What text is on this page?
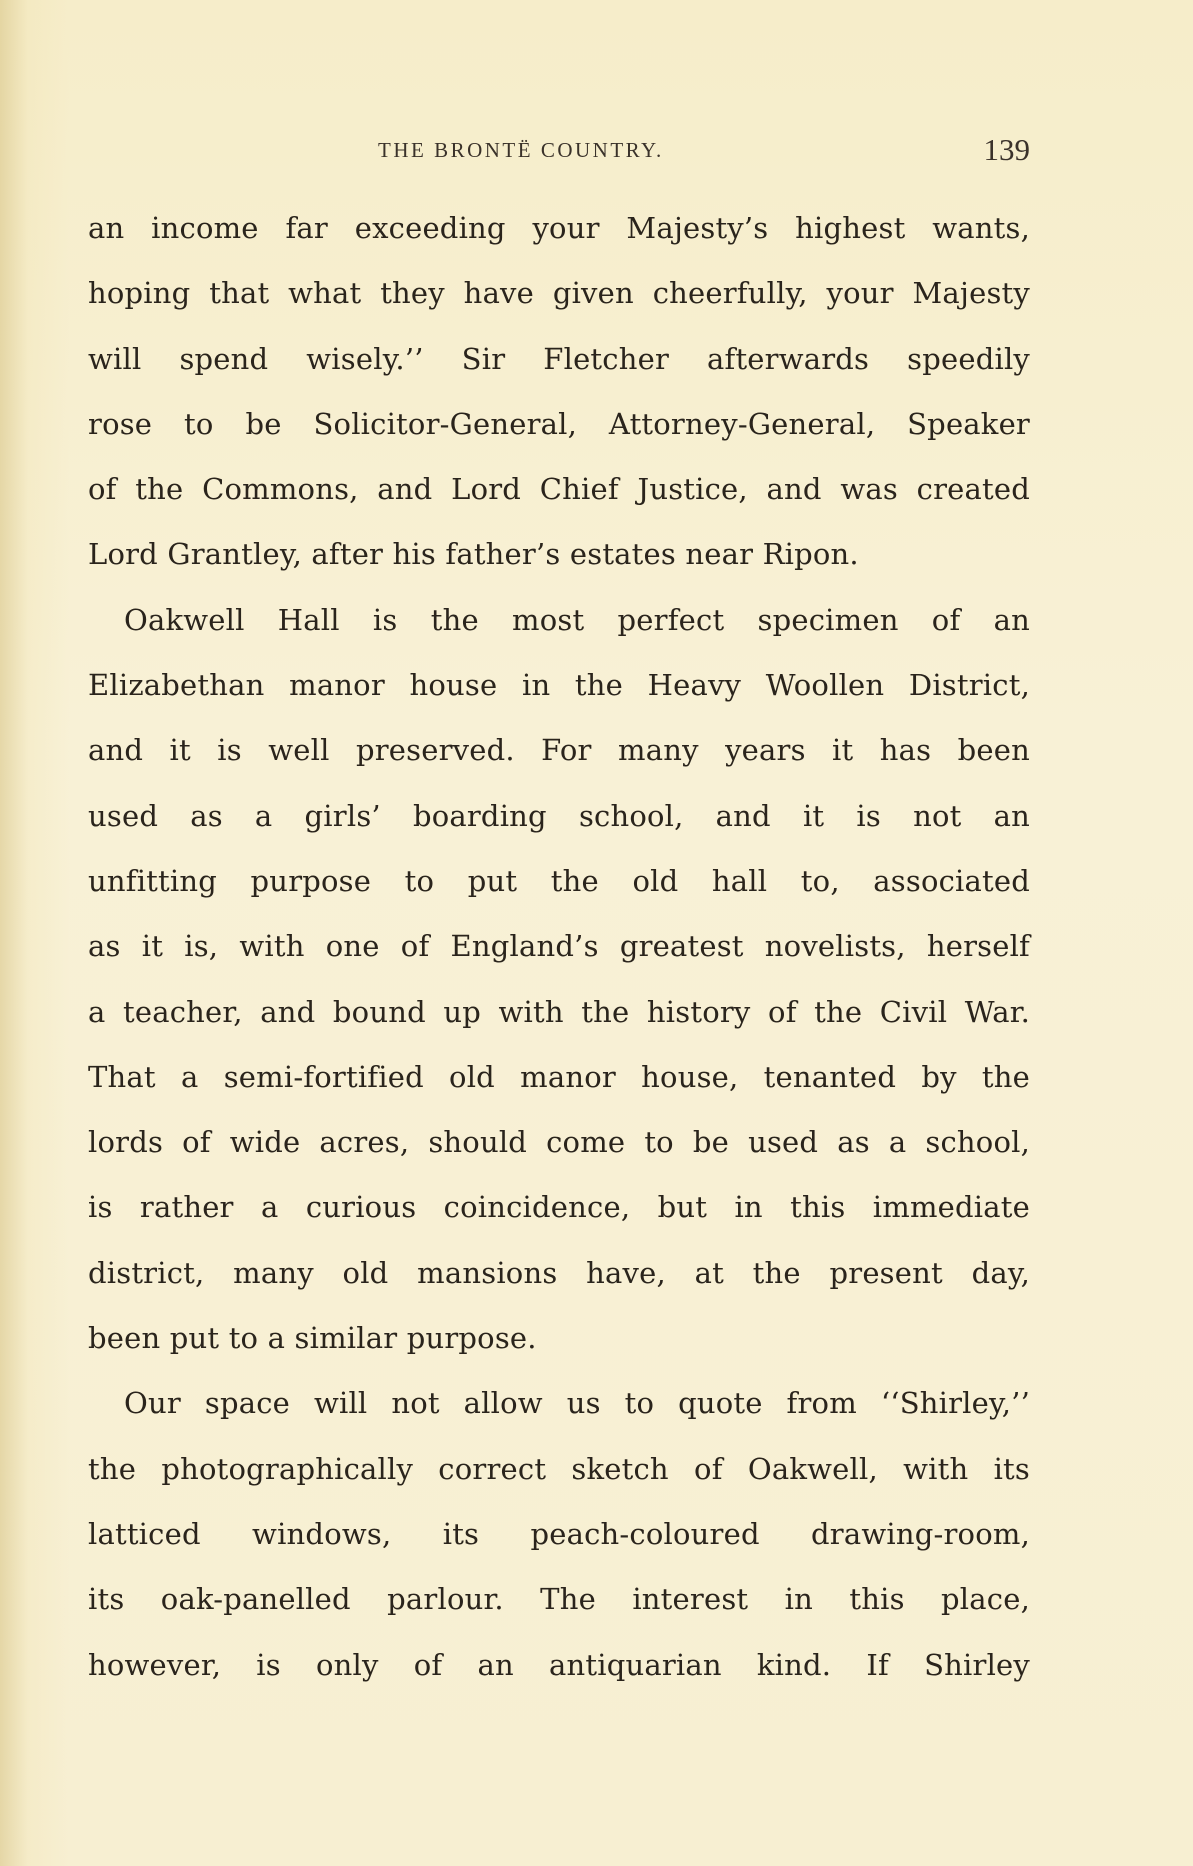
THE BRONTË COUNTRY.	139
an income far exceeding your Majesty’s highest wants,
hoping that what they have given cheerfully, your Majesty
will spend wisely.’’ Sir Fletcher afterwards speedily
rose to be Solicitor-General, Attorney-General, Speaker
of the Commons, and Lord Chief Justice, and was created
Lord Grantley, after his father’s estates near Ripon.
Oakwell Hall is the most perfect specimen of an
Elizabethan manor house in the Heavy Woollen District,
and it is well preserved. For many years it has been
used as a girls’ boarding school, and it is not an
unfitting purpose to put the old hall to, associated
as it is, with one of England’s greatest novelists, herself
a teacher, and bound up with the history of the Civil War.
That a semi-fortified old manor house, tenanted by the
lords of wide acres, should come to be used as a school,
is rather a curious coincidence, but in this immediate
district, many old mansions have, at the present day,
been put to a similar purpose.
Our space will not allow us to quote from ‘‘Shirley,’’
the photographically correct sketch of Oakwell, with its
latticed windows, its peach-coloured drawing-room,
its oak-panelled parlour. The interest in this place,
however, is only of an antiquarian kind. If Shirley
